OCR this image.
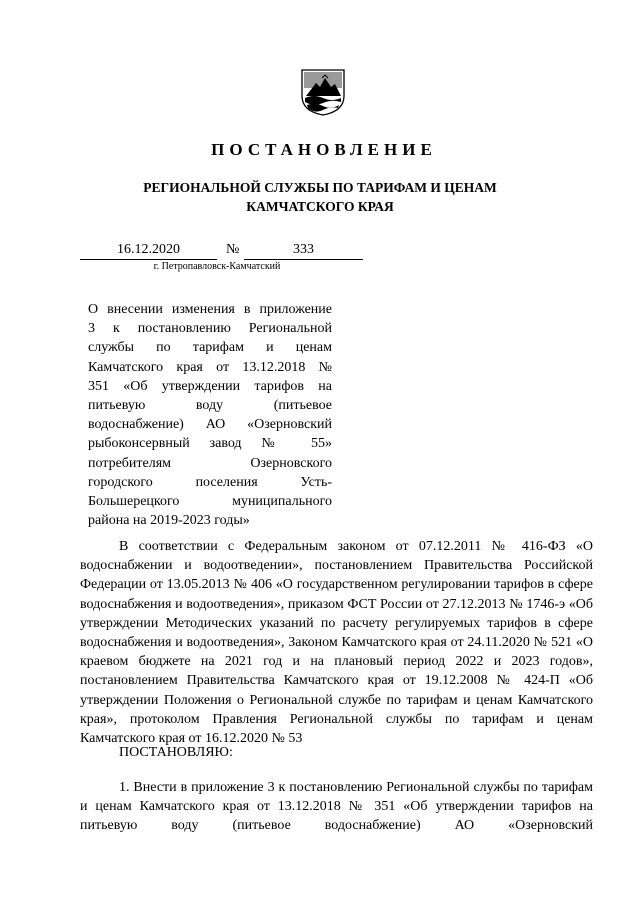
ПОСТАНОВЛЕНИЕ
РЕГИОНАЛЬНОЙ СЛУЖБЫ ПО ТАРИФАМ И ЦЕНАМ
КАМЧАТСКОГО КРАЯ
16.12.2020	№	333
г. Петропавловск-Камчатский
О внесении изменения в приложение
3 к постановлению Региональной
службы по тарифам и ценам
Камчатского края от 13.12.2018 №
351 «Об утверждении тарифов на
питьевую воду (питьевое
водоснабжение) АО «Озерновский
рыбоконсервный завод № 55»
потребителям Озерновского
городского поселения Усть-
Большерецкого муниципального
района на 2019-2023 годы»

В соответствии с Федеральным законом от 07.12.2011 № 416-ФЗ «О водоснабжении и водоотведении», постановлением Правительства Российской Федерации от 13.05.2013 № 406 «О государственном регулировании тарифов в сфере водоснабжения и водоотведения», приказом ФСТ России от 27.12.2013 № 1746-э «Об утверждении Методических указаний по расчету регулируемых тарифов в сфере водоснабжения и водоотведения», Законом Камчатского края от 24.11.2020 № 521 «О краевом бюджете на 2021 год и на плановый период 2022 и 2023 годов», постановлением Правительства Камчатского края от 19.12.2008 № 424-П «Об утверждении Положения о Региональной службе по тарифам и ценам Камчатского края», протоколом Правления Региональной службы по тарифам и ценам Камчатского края от 16.12.2020 № 53

ПОСТАНОВЛЯЮ:

1. Внести в приложение 3 к постановлению Региональной службы по тарифам и ценам Камчатского края от 13.12.2018 № 351 «Об утверждении тарифов на питьевую воду (питьевое водоснабжение) АО «Озерновский
